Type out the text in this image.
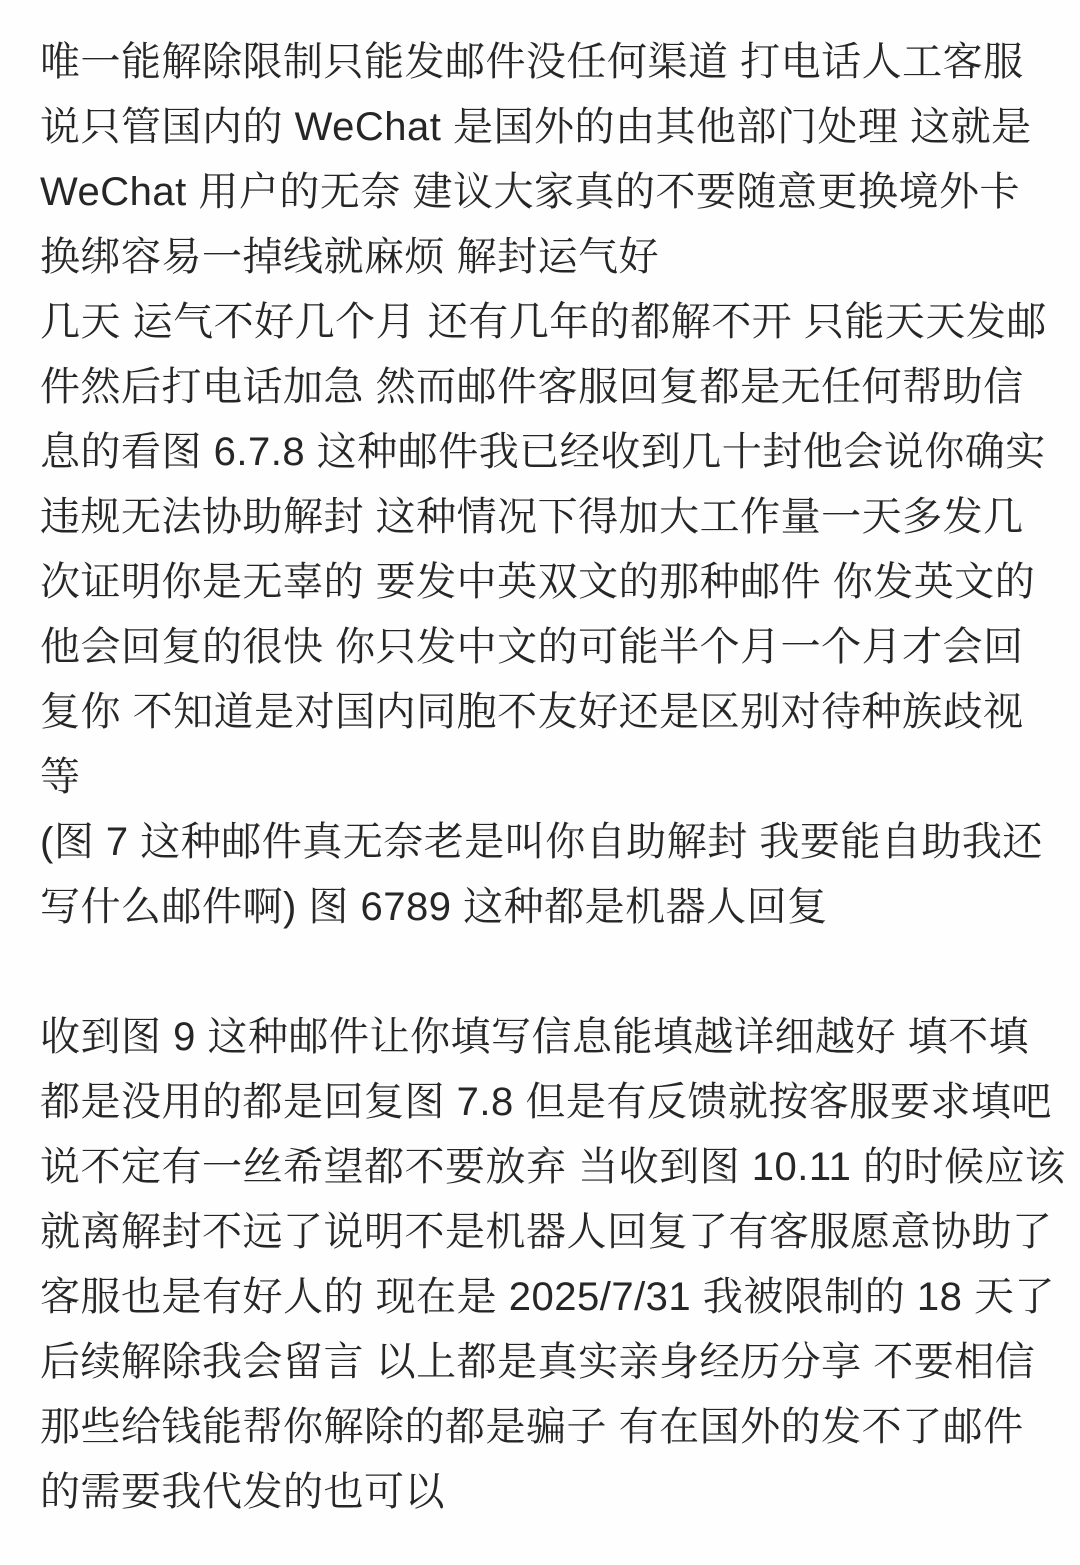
唯一能解除限制只能发邮件没任何渠道 打电话人工客服
说只管国内的 WeChat 是国外的由其他部门处理 这就是
WeChat 用户的无奈 建议大家真的不要随意更换境外卡
换绑容易一掉线就麻烦 解封运气好
几天 运气不好几个月 还有几年的都解不开 只能天天发邮
件然后打电话加急 然而邮件客服回复都是无任何帮助信
息的看图 6.7.8 这种邮件我已经收到几十封他会说你确实
违规无法协助解封 这种情况下得加大工作量一天多发几
次证明你是无辜的 要发中英双文的那种邮件 你发英文的
他会回复的很快 你只发中文的可能半个月一个月才会回
复你 不知道是对国内同胞不友好还是区别对待种族歧视
等
(图 7 这种邮件真无奈老是叫你自助解封 我要能自助我还
写什么邮件啊) 图 6789 这种都是机器人回复
收到图 9 这种邮件让你填写信息能填越详细越好 填不填
都是没用的都是回复图 7.8 但是有反馈就按客服要求填吧
说不定有一丝希望都不要放弃 当收到图 10.11 的时候应该
就离解封不远了说明不是机器人回复了有客服愿意协助了
客服也是有好人的 现在是 2025/7/31 我被限制的 18 天了
后续解除我会留言 以上都是真实亲身经历分享 不要相信
那些给钱能帮你解除的都是骗子 有在国外的发不了邮件
的需要我代发的也可以
